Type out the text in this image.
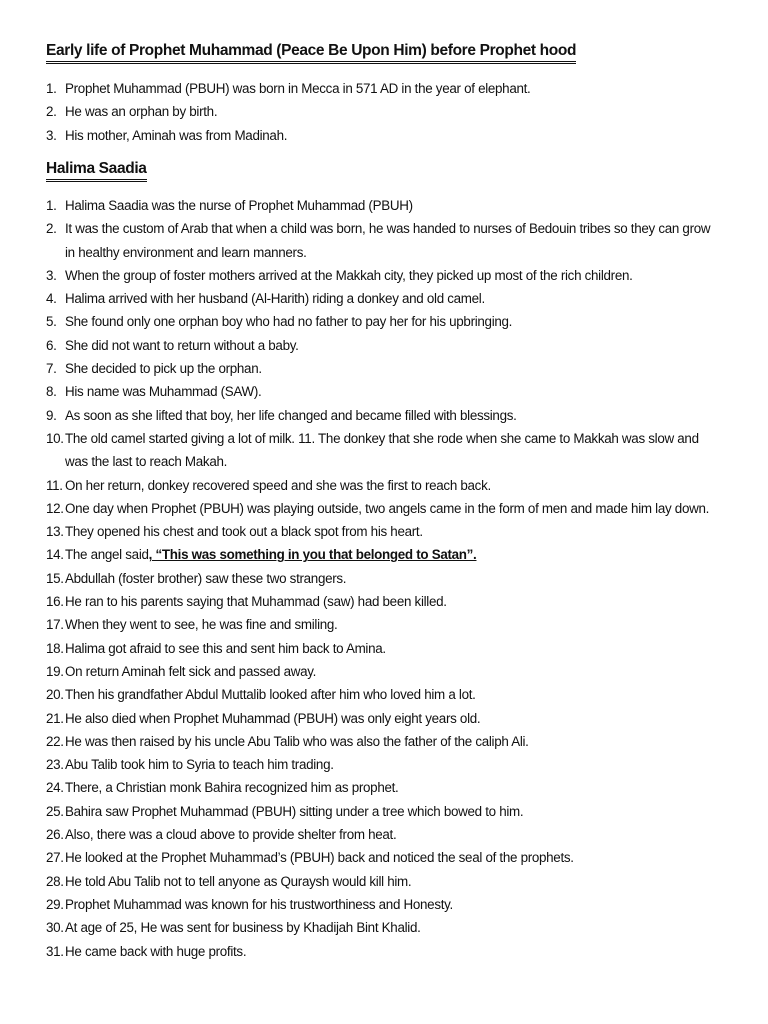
Early life of Prophet Muhammad (Peace Be Upon Him) before Prophet hood
1. Prophet Muhammad (PBUH) was born in Mecca in 571 AD in the year of elephant.
2. He was an orphan by birth.
3. His mother, Aminah was from Madinah.
Halima Saadia
1. Halima Saadia was the nurse of Prophet Muhammad (PBUH)
2. It was the custom of Arab that when a child was born, he was handed to nurses of Bedouin tribes so they can grow in healthy environment and learn manners.
3. When the group of foster mothers arrived at the Makkah city, they picked up most of the rich children.
4. Halima arrived with her husband (Al-Harith) riding a donkey and old camel.
5. She found only one orphan boy who had no father to pay her for his upbringing.
6. She did not want to return without a baby.
7. She decided to pick up the orphan.
8. His name was Muhammad (SAW).
9. As soon as she lifted that boy, her life changed and became filled with blessings.
10. The old camel started giving a lot of milk. 11. The donkey that she rode when she came to Makkah was slow and was the last to reach Makah.
11. On her return, donkey recovered speed and she was the first to reach back.
12. One day when Prophet (PBUH) was playing outside, two angels came in the form of men and made him lay down.
13. They opened his chest and took out a black spot from his heart.
14. The angel said, “This was something in you that belonged to Satan”.
15. Abdullah (foster brother) saw these two strangers.
16. He ran to his parents saying that Muhammad (saw) had been killed.
17. When they went to see, he was fine and smiling.
18. Halima got afraid to see this and sent him back to Amina.
19. On return Aminah felt sick and passed away.
20. Then his grandfather Abdul Muttalib looked after him who loved him a lot.
21. He also died when Prophet Muhammad (PBUH) was only eight years old.
22. He was then raised by his uncle Abu Talib who was also the father of the caliph Ali.
23. Abu Talib took him to Syria to teach him trading.
24. There, a Christian monk Bahira recognized him as prophet.
25. Bahira saw Prophet Muhammad (PBUH) sitting under a tree which bowed to him.
26. Also, there was a cloud above to provide shelter from heat.
27. He looked at the Prophet Muhammad’s (PBUH) back and noticed the seal of the prophets.
28. He told Abu Talib not to tell anyone as Quraysh would kill him.
29. Prophet Muhammad was known for his trustworthiness and Honesty.
30. At age of 25, He was sent for business by Khadijah Bint Khalid.
31. He came back with huge profits.
